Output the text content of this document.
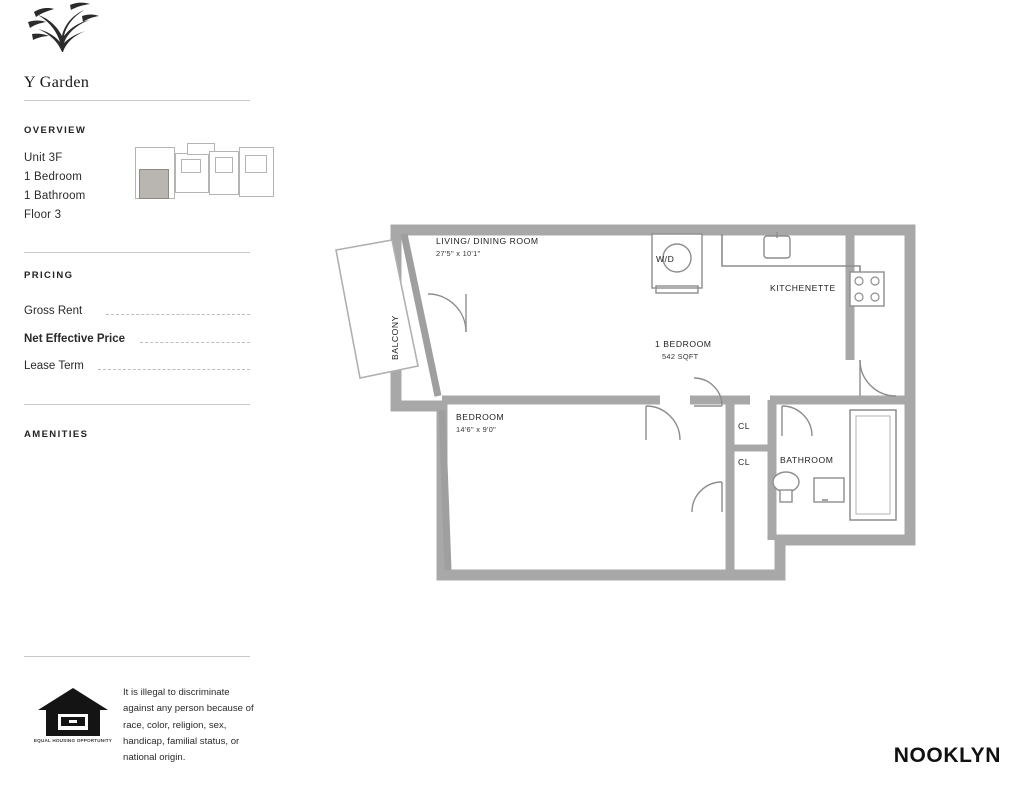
Y Garden
OVERVIEW
Unit 3F
1 Bedroom
1 Bathroom
Floor 3
PRICING
Gross Rent
Net Effective Price
Lease Term
AMENITIES
EQUAL HOUSING OPPORTUNITY
It is illegal to discriminate against any person because of race, color, religion, sex, handicap, familial status, or national origin.
LIVING/ DINING ROOM
27'5" x 10'1"
BEDROOM
14'6" x 9'0"
KITCHENETTE
BATHROOM
BALCONY
W/D
CL
CL
1 BEDROOM
542 SQFT
NOOKLYN
